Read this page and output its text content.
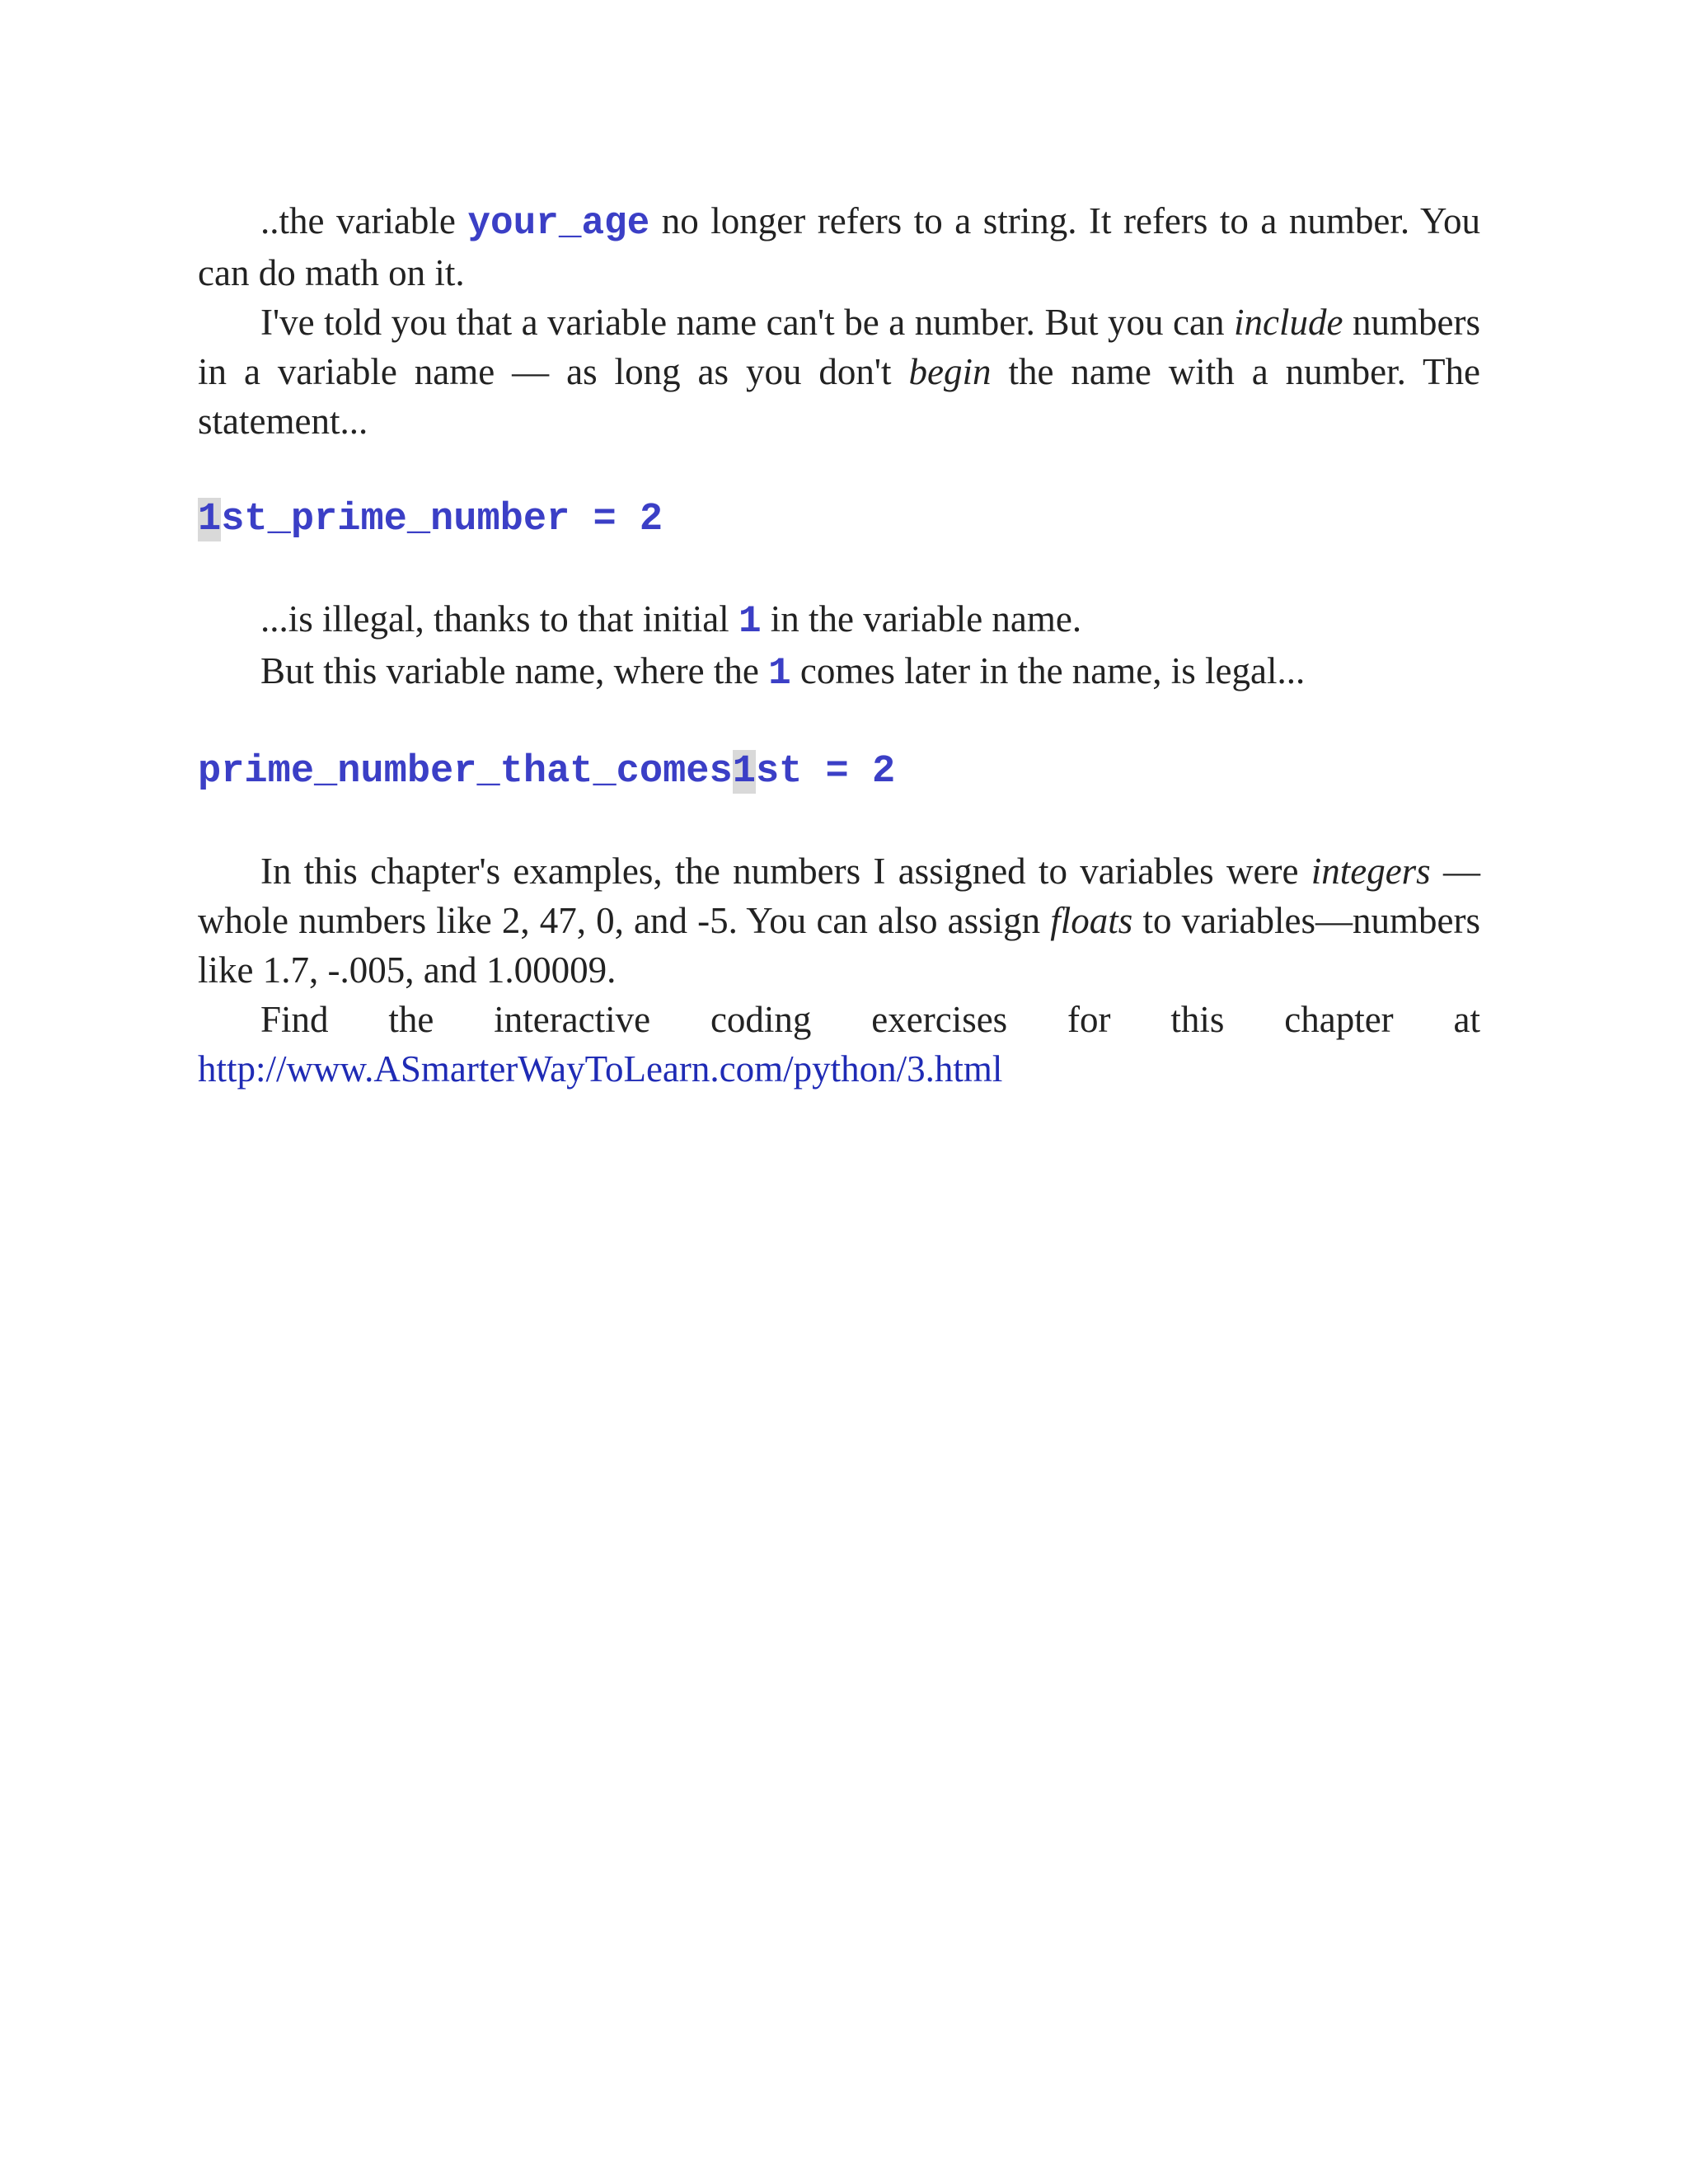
..the variable your_age no longer refers to a string. It refers to a number. You can do math on it.

I've told you that a variable name can't be a number. But you can include numbers in a variable name — as long as you don't begin the name with a number. The statement...

1st_prime_number = 2

...is illegal, thanks to that initial 1 in the variable name.

But this variable name, where the 1 comes later in the name, is legal...

prime_number_that_comes1st = 2

In this chapter's examples, the numbers I assigned to variables were integers — whole numbers like 2, 47, 0, and -5. You can also assign floats to variables—numbers like 1.7, -.005, and 1.00009.

Find the interactive coding exercises for this chapter at http://www.ASmarterWayToLearn.com/python/3.html
